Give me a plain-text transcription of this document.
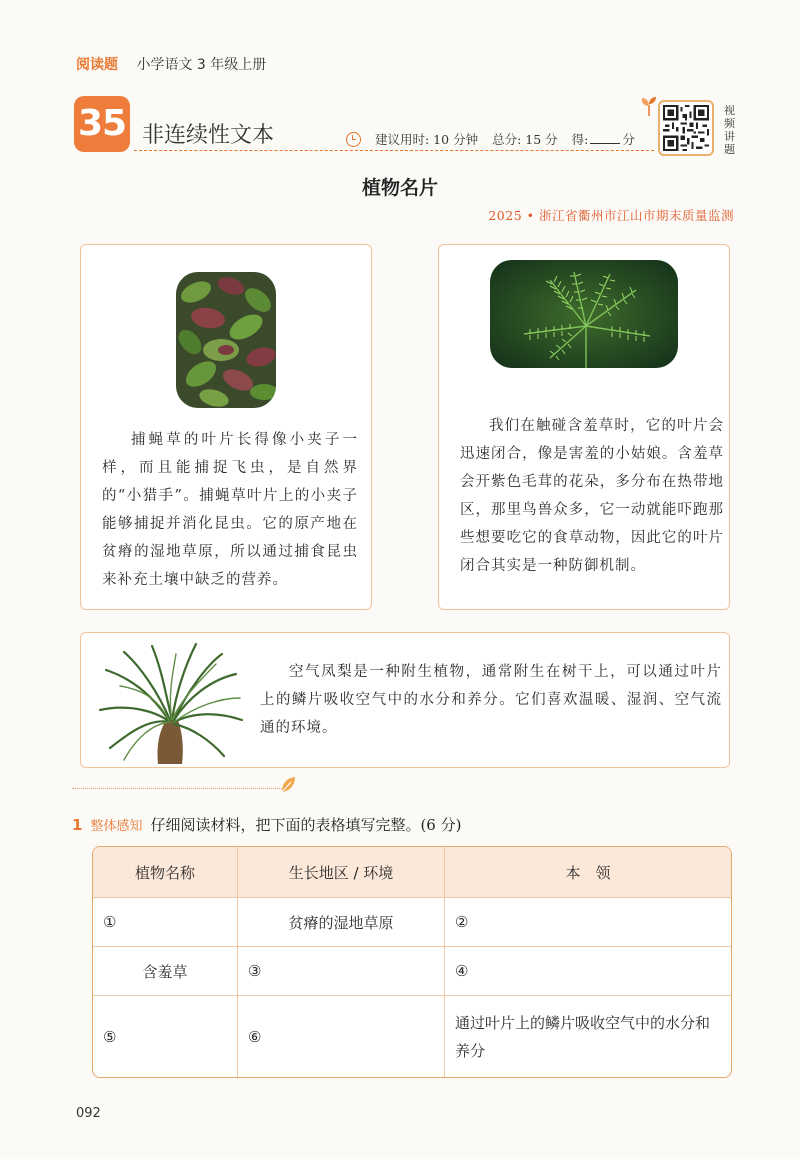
阅读题 小学语文 3 年级上册
35 非连续性文本	建议用时: 10 分钟 总分: 15 分 得:	分
视频讲题
植物名片
2025 • 浙江省衢州市江山市期末质量监测

捕蝇草的叶片长得像小夹子一样，而且能捕捉飞虫，是自然界的“小猎手”。捕蝇草叶片上的小夹子能够捕捉并消化昆虫。它的原产地在贫瘠的湿地草原，所以通过捕食昆虫来补充土壤中缺乏的营养。

我们在触碰含羞草时，它的叶片会迅速闭合，像是害羞的小姑娘。含羞草会开紫色毛茸的花朵，多分布在热带地区，那里鸟兽众多，它一动就能吓跑那些想要吃它的食草动物，因此它的叶片闭合其实是一种防御机制。

空气凤梨是一种附生植物，通常附生在树干上，可以通过叶片上的鳞片吸收空气中的水分和养分。它们喜欢温暖、湿润、空气流通的环境。

1 整体感知 仔细阅读材料，把下面的表格填写完整。(6 分)
植物名称	生长地区 / 环境	本　领
①	贫瘠的湿地草原	②
含羞草	③	④
⑤	⑥	通过叶片上的鳞片吸收空气中的水分和养分
092
